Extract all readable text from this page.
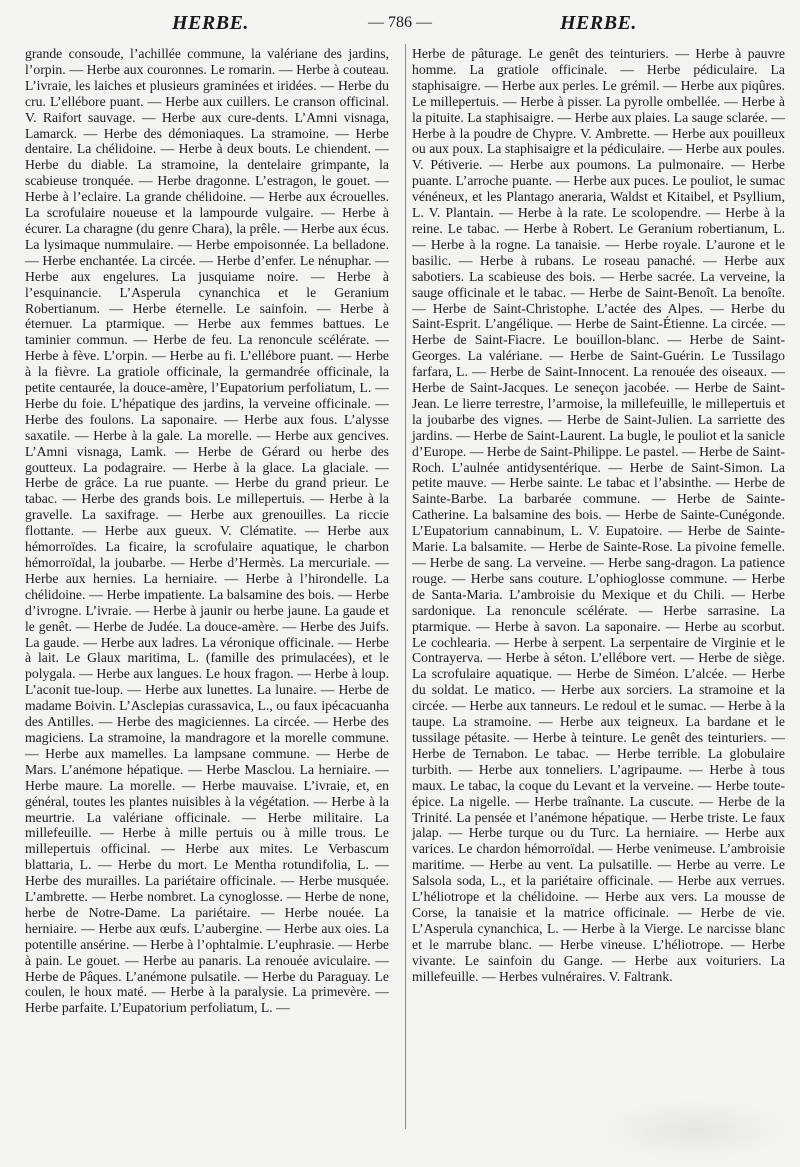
HERBE.	— 786 —	HERBE.

grande consoude, l’achillée commune, la valériane des jardins, l’orpin. — Herbe aux couronnes. Le romarin. — Herbe à couteau. L’ivraie, les laiches et plusieurs graminées et iridées. — Herbe du cru. L’ellébore puant. — Herbe aux cuillers. Le cranson officinal. V. Raifort sauvage. — Herbe aux cure-dents. L’Amni visnaga, Lamarck. — Herbe des démoniaques. La stramoine. — Herbe dentaire. La chélidoine. — Herbe à deux bouts. Le chiendent. — Herbe du diable. La stramoine, la dentelaire grimpante, la scabieuse tronquée. — Herbe dragonne. L’estragon, le gouet. — Herbe à l’eclaire. La grande chélidoine. — Herbe aux écrouelles. La scrofulaire noueuse et la lampourde vulgaire. — Herbe à écurer. La charagne (du genre Chara), la prêle. — Herbe aux écus. La lysimaque nummulaire. — Herbe empoisonnée. La belladone. — Herbe enchantée. La circée. — Herbe d’enfer. Le nénuphar. — Herbe aux engelures. La jusquiame noire. — Herbe à l’esquinancie. L’Asperula cynanchica et le Geranium Robertianum. — Herbe éternelle. Le sainfoin. — Herbe à éternuer. La ptarmique. — Herbe aux femmes battues. Le taminier commun. — Herbe de feu. La renoncule scélérate. — Herbe à fève. L’orpin. — Herbe au fi. L’ellébore puant. — Herbe à la fièvre. La gratiole officinale, la germandrée officinale, la petite centaurée, la douce-amère, l’Eupatorium perfoliatum, L. — Herbe du foie. L’hépatique des jardins, la verveine officinale. — Herbe des foulons. La saponaire. — Herbe aux fous. L’alysse saxatile. — Herbe à la gale. La morelle. — Herbe aux gencives. L’Amni visnaga, Lamk. — Herbe de Gérard ou herbe des goutteux. La podagraire. — Herbe à la glace. La glaciale. — Herbe de grâce. La rue puante. — Herbe du grand prieur. Le tabac. — Herbe des grands bois. Le millepertuis. — Herbe à la gravelle. La saxifrage. — Herbe aux grenouilles. La riccie flottante. — Herbe aux gueux. V. Clématite. — Herbe aux hémorroïdes. La ficaire, la scrofulaire aquatique, le charbon hémorroïdal, la joubarbe. — Herbe d’Hermès. La mercuriale. — Herbe aux hernies. La herniaire. — Herbe à l’hirondelle. La chélidoine. — Herbe impatiente. La balsamine des bois. — Herbe d’ivrogne. L’ivraie. — Herbe à jaunir ou herbe jaune. La gaude et le genêt. — Herbe de Judée. La douce-amère. — Herbe des Juifs. La gaude. — Herbe aux ladres. La véronique officinale. — Herbe à lait. Le Glaux maritima, L. (famille des primulacées), et le polygala. — Herbe aux langues. Le houx fragon. — Herbe à loup. L’aconit tue-loup. — Herbe aux lunettes. La lunaire. — Herbe de madame Boivin. L’Asclepias curassavica, L., ou faux ipécacuanha des Antilles. — Herbe des magiciennes. La circée. — Herbe des magiciens. La stramoine, la mandragore et la morelle commune. — Herbe aux mamelles. La lampsane commune. — Herbe de Mars. L’anémone hépatique. — Herbe Masclou. La herniaire. — Herbe maure. La morelle. — Herbe mauvaise. L’ivraie, et, en général, toutes les plantes nuisibles à la végétation. — Herbe à la meurtrie. La valériane officinale. — Herbe militaire. La millefeuille. — Herbe à mille pertuis ou à mille trous. Le millepertuis officinal. — Herbe aux mites. Le Verbascum blattaria, L. — Herbe du mort. Le Mentha rotundifolia, L. — Herbe des murailles. La pariétaire officinale. — Herbe musquée. L’ambrette. — Herbe nombret. La cynoglosse. — Herbe de none, herbe de Notre-Dame. La pariétaire. — Herbe nouée. La herniaire. — Herbe aux œufs. L’aubergine. — Herbe aux oies. La potentille ansérine. — Herbe à l’ophtalmie. L’euphrasie. — Herbe à pain. Le gouet. — Herbe au panaris. La renouée aviculaire. — Herbe de Pâques. L’anémone pulsatile. — Herbe du Paraguay. Le coulen, le houx maté. — Herbe à la paralysie. La primevère. — Herbe parfaite. L’Eupatorium perfoliatum, L. —

Herbe de pâturage. Le genêt des teinturiers. — Herbe à pauvre homme. La gratiole officinale. — Herbe pédiculaire. La staphisaigre. — Herbe aux perles. Le grémil. — Herbe aux piqûres. Le millepertuis. — Herbe à pisser. La pyrolle ombellée. — Herbe à la pituite. La staphisaigre. — Herbe aux plaies. La sauge sclarée. — Herbe à la poudre de Chypre. V. Ambrette. — Herbe aux pouilleux ou aux poux. La staphisaigre et la pédiculaire. — Herbe aux poules. V. Pétiverie. — Herbe aux poumons. La pulmonaire. — Herbe puante. L’arroche puante. — Herbe aux puces. Le pouliot, le sumac vénéneux, et les Plantago aneraria, Waldst et Kitaibel, et Psyllium, L. V. Plantain. — Herbe à la rate. Le scolopendre. — Herbe à la reine. Le tabac. — Herbe à Robert. Le Geranium robertianum, L. — Herbe à la rogne. La tanaisie. — Herbe royale. L’aurone et le basilic. — Herbe à rubans. Le roseau panaché. — Herbe aux sabotiers. La scabieuse des bois. — Herbe sacrée. La verveine, la sauge officinale et le tabac. — Herbe de Saint-Benoît. La benoîte. — Herbe de Saint-Christophe. L’actée des Alpes. — Herbe du Saint-Esprit. L’angélique. — Herbe de Saint-Étienne. La circée. — Herbe de Saint-Fiacre. Le bouillon-blanc. — Herbe de Saint-Georges. La valériane. — Herbe de Saint-Guérin. Le Tussilago farfara, L. — Herbe de Saint-Innocent. La renouée des oiseaux. — Herbe de Saint-Jacques. Le seneçon jacobée. — Herbe de Saint-Jean. Le lierre terrestre, l’armoise, la millefeuille, le millepertuis et la joubarbe des vignes. — Herbe de Saint-Julien. La sarriette des jardins. — Herbe de Saint-Laurent. La bugle, le pouliot et la sanicle d’Europe. — Herbe de Saint-Philippe. Le pastel. — Herbe de Saint-Roch. L’aulnée antidysentérique. — Herbe de Saint-Simon. La petite mauve. — Herbe sainte. Le tabac et l’absinthe. — Herbe de Sainte-Barbe. La barbarée commune. — Herbe de Sainte-Catherine. La balsamine des bois. — Herbe de Sainte-Cunégonde. L’Eupatorium cannabinum, L. V. Eupatoire. — Herbe de Sainte-Marie. La balsamite. — Herbe de Sainte-Rose. La pivoine femelle. — Herbe de sang. La verveine. — Herbe sang-dragon. La patience rouge. — Herbe sans couture. L’ophioglosse commune. — Herbe de Santa-Maria. L’ambroisie du Mexique et du Chili. — Herbe sardonique. La renoncule scélérate. — Herbe sarrasine. La ptarmique. — Herbe à savon. La saponaire. — Herbe au scorbut. Le cochlearia. — Herbe à serpent. La serpentaire de Virginie et le Contrayerva. — Herbe à séton. L’ellébore vert. — Herbe de siège. La scrofulaire aquatique. — Herbe de Siméon. L’alcée. — Herbe du soldat. Le matico. — Herbe aux sorciers. La stramoine et la circée. — Herbe aux tanneurs. Le redoul et le sumac. — Herbe à la taupe. La stramoine. — Herbe aux teigneux. La bardane et le tussilage pétasite. — Herbe à teinture. Le genêt des teinturiers. — Herbe de Ternabon. Le tabac. — Herbe terrible. La globulaire turbith. — Herbe aux tonneliers. L’agripaume. — Herbe à tous maux. Le tabac, la coque du Levant et la verveine. — Herbe toute-épice. La nigelle. — Herbe traînante. La cuscute. — Herbe de la Trinité. La pensée et l’anémone hépatique. — Herbe triste. Le faux jalap. — Herbe turque ou du Turc. La herniaire. — Herbe aux varices. Le chardon hémorroïdal. — Herbe venimeuse. L’ambroisie maritime. — Herbe au vent. La pulsatille. — Herbe au verre. Le Salsola soda, L., et la pariétaire officinale. — Herbe aux verrues. L’héliotrope et la chélidoine. — Herbe aux vers. La mousse de Corse, la tanaisie et la matrice officinale. — Herbe de vie. L’Asperula cynanchica, L. — Herbe à la Vierge. Le narcisse blanc et le marrube blanc. — Herbe vineuse. L’héliotrope. — Herbe vivante. Le sainfoin du Gange. — Herbe aux voituriers. La millefeuille. — Herbes vulnéraires. V. Faltrank.
